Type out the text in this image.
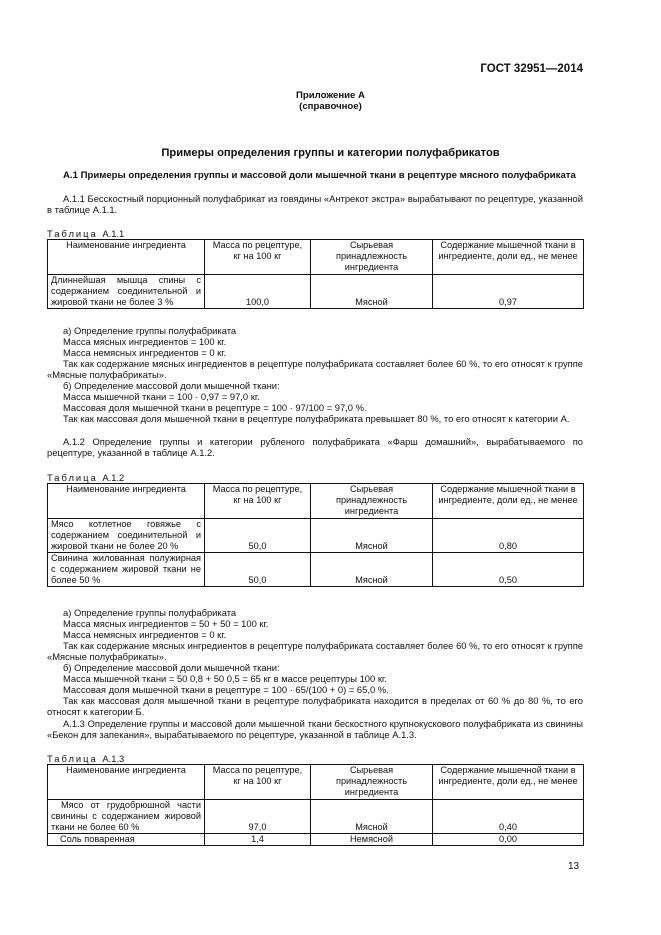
ГОСТ 32951—2014
Приложение А
(справочное)
Примеры определения группы и категории полуфабрикатов
А.1 Примеры определения группы и массовой доли мышечной ткани в рецептуре мясного полуфабриката
А.1.1 Бесскостный порционный полуфабрикат из говядины «Антрекот экстра» вырабатывают по рецептуре, указанной в таблице А.1.1.
Таблица А.1.1
Наименование ингредиента	Масса по рецептуре, кг на 100 кг	Сырьевая принадлежность ингредиента	Содержание мышечной ткани в ингредиенте, доли ед., не менее
Длиннейшая мышца спины с содержанием соединительной и жировой ткани не более 3 %	100,0	Мясной	0,97
а) Определение группы полуфабриката
Масса мясных ингредиентов = 100 кг.
Масса немясных ингредиентов = 0 кг.
Так как содержание мясных ингредиентов в рецептуре полуфабриката составляет более 60 %, то его относят к группе «Мясные полуфабрикаты».
б) Определение массовой доли мышечной ткани:
Масса мышечной ткани = 100 · 0,97 = 97,0 кг.
Массовая доля мышечной ткани в рецептуре = 100 · 97/100 = 97,0 %.
Так как массовая доля мышечной ткани в рецептуре полуфабриката превышает 80 %, то его относят к категории А.
А.1.2 Определение группы и категории рубленого полуфабриката «Фарш домашний», вырабатываемого по рецептуре, указанной в таблице А.1.2.
Таблица А.1.2
Наименование ингредиента	Масса по рецептуре, кг на 100 кг	Сырьевая принадлежность ингредиента	Содержание мышечной ткани в ингредиенте, доли ед., не менее
Мясо котлетное говяжье с содержанием соединительной и жировой ткани не более 20 %	50,0	Мясной	0,80
Свинина жилованная полужирная с содержанием жировой ткани не более 50 %	50,0	Мясной	0,50
а) Определение группы полуфабриката
Масса мясных ингредиентов = 50 + 50 = 100 кг.
Масса немясных ингредиентов = 0 кг.
Так как содержание мясных ингредиентов в рецептуре полуфабриката составляет более 60 %, то его относят к группе «Мясные полуфабрикаты».
б) Определение массовой доли мышечной ткани:
Масса мышечной ткани = 50 0,8 + 50 0,5 = 65 кг в массе рецептуры 100 кг.
Массовая доля мышечной ткани в рецептуре = 100 · 65/(100 + 0) = 65,0 %.
Так как массовая доля мышечной ткани в рецептуре полуфабриката находится в пределах от 60 % до 80 %, то его относят к категории Б.
А.1.3 Определение группы и массовой доли мышечной ткани бескостного крупнокускового полуфабриката из свинины «Бекон для запекания», вырабатываемого по рецептуре, указанной в таблице А.1.3.
Таблица А.1.3
Наименование ингредиента	Масса по рецептуре, кг на 100 кг	Сырьевая принадлежность ингредиента	Содержание мышечной ткани в ингредиенте, доли ед., не менее
Мясо от грудобрюшной части свинины с содержанием жировой ткани не более 60 %	97,0	Мясной	0,40
Соль поваренная	1,4	Немясной	0,00
13
